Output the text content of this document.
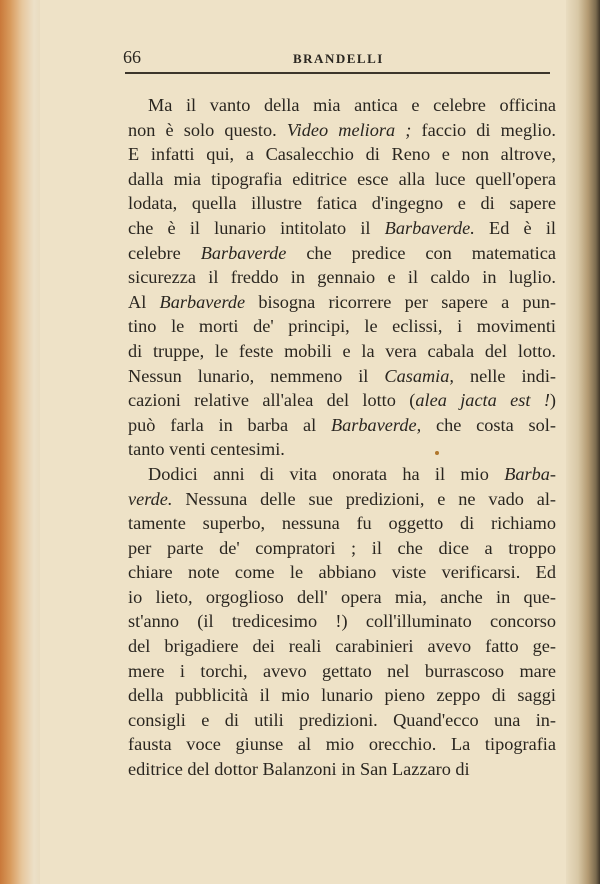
66	BRANDELLI
Ma il vanto della mia antica e celebre officina
non è solo questo. Video meliora ; faccio di meglio.
E infatti qui, a Casalecchio di Reno e non altrove,
dalla mia tipografia editrice esce alla luce quell'opera
lodata, quella illustre fatica d'ingegno e di sapere
che è il lunario intitolato il Barbaverde. Ed è il
celebre Barbaverde che predice con matematica
sicurezza il freddo in gennaio e il caldo in luglio.
Al Barbaverde bisogna ricorrere per sapere a pun-
tino le morti de' principi, le eclissi, i movimenti
di truppe, le feste mobili e la vera cabala del lotto.
Nessun lunario, nemmeno il Casamia, nelle indi-
cazioni relative all'alea del lotto (alea jacta est !)
può farla in barba al Barbaverde, che costa sol-
tanto venti centesimi.
Dodici anni di vita onorata ha il mio Barba-
verde. Nessuna delle sue predizioni, e ne vado al-
tamente superbo, nessuna fu oggetto di richiamo
per parte de' compratori ; il che dice a troppo
chiare note come le abbiano viste verificarsi. Ed
io lieto, orgoglioso dell' opera mia, anche in que-
st'anno (il tredicesimo !) coll'illuminato concorso
del brigadiere dei reali carabinieri avevo fatto ge-
mere i torchi, avevo gettato nel burrascoso mare
della pubblicità il mio lunario pieno zeppo di saggi
consigli e di utili predizioni. Quand'ecco una in-
fausta voce giunse al mio orecchio. La tipografia
editrice del dottor Balanzoni in San Lazzaro di
